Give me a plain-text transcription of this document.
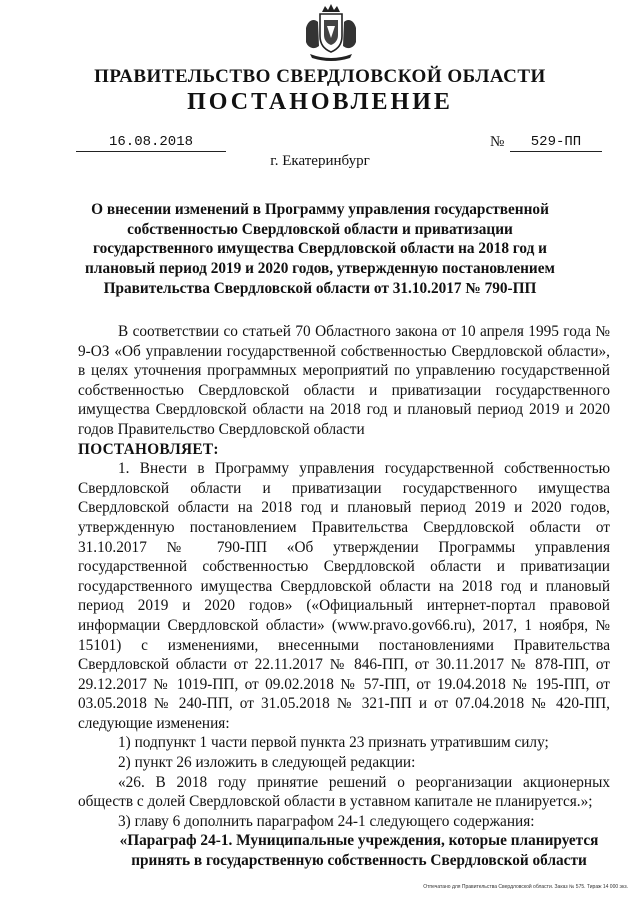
ПРАВИТЕЛЬСТВО СВЕРДЛОВСКОЙ ОБЛАСТИ
ПОСТАНОВЛЕНИЕ
16.08.2018	№	529-ПП
г. Екатеринбург
О внесении изменений в Программу управления государственной собственностью Свердловской области и приватизации государственного имущества Свердловской области на 2018 год и плановый период 2019 и 2020 годов, утвержденную постановлением Правительства Свердловской области от 31.10.2017 № 790-ПП

В соответствии со статьей 70 Областного закона от 10 апреля 1995 года № 9-ОЗ «Об управлении государственной собственностью Свердловской области», в целях уточнения программных мероприятий по управлению государственной собственностью Свердловской области и приватизации государственного имущества Свердловской области на 2018 год и плановый период 2019 и 2020 годов Правительство Свердловской области

ПОСТАНОВЛЯЕТ:

1. Внести в Программу управления государственной собственностью Свердловской области и приватизации государственного имущества Свердловской области на 2018 год и плановый период 2019 и 2020 годов, утвержденную постановлением Правительства Свердловской области от 31.10.2017 № 790-ПП «Об утверждении Программы управления государственной собственностью Свердловской области и приватизации государственного имущества Свердловской области на 2018 год и плановый период 2019 и 2020 годов» («Официальный интернет-портал правовой информации Свердловской области» (www.pravo.gov66.ru), 2017, 1 ноября, № 15101) с изменениями, внесенными постановлениями Правительства Свердловской области от 22.11.2017 № 846-ПП, от 30.11.2017 № 878-ПП, от 29.12.2017 № 1019-ПП, от 09.02.2018 № 57-ПП, от 19.04.2018 № 195-ПП, от 03.05.2018 № 240-ПП, от 31.05.2018 № 321-ПП и от 07.04.2018 № 420-ПП, следующие изменения:

1) подпункт 1 части первой пункта 23 признать утратившим силу;

2) пункт 26 изложить в следующей редакции:

«26. В 2018 году принятие решений о реорганизации акционерных обществ с долей Свердловской области в уставном капитале не планируется.»;

3) главу 6 дополнить параграфом 24-1 следующего содержания:

«Параграф 24-1. Муниципальные учреждения, которые планируется принять в государственную собственность Свердловской области

Отпечатано для Правительства Свердловской области. Заказ № 575. Тираж 14 000 экз.
